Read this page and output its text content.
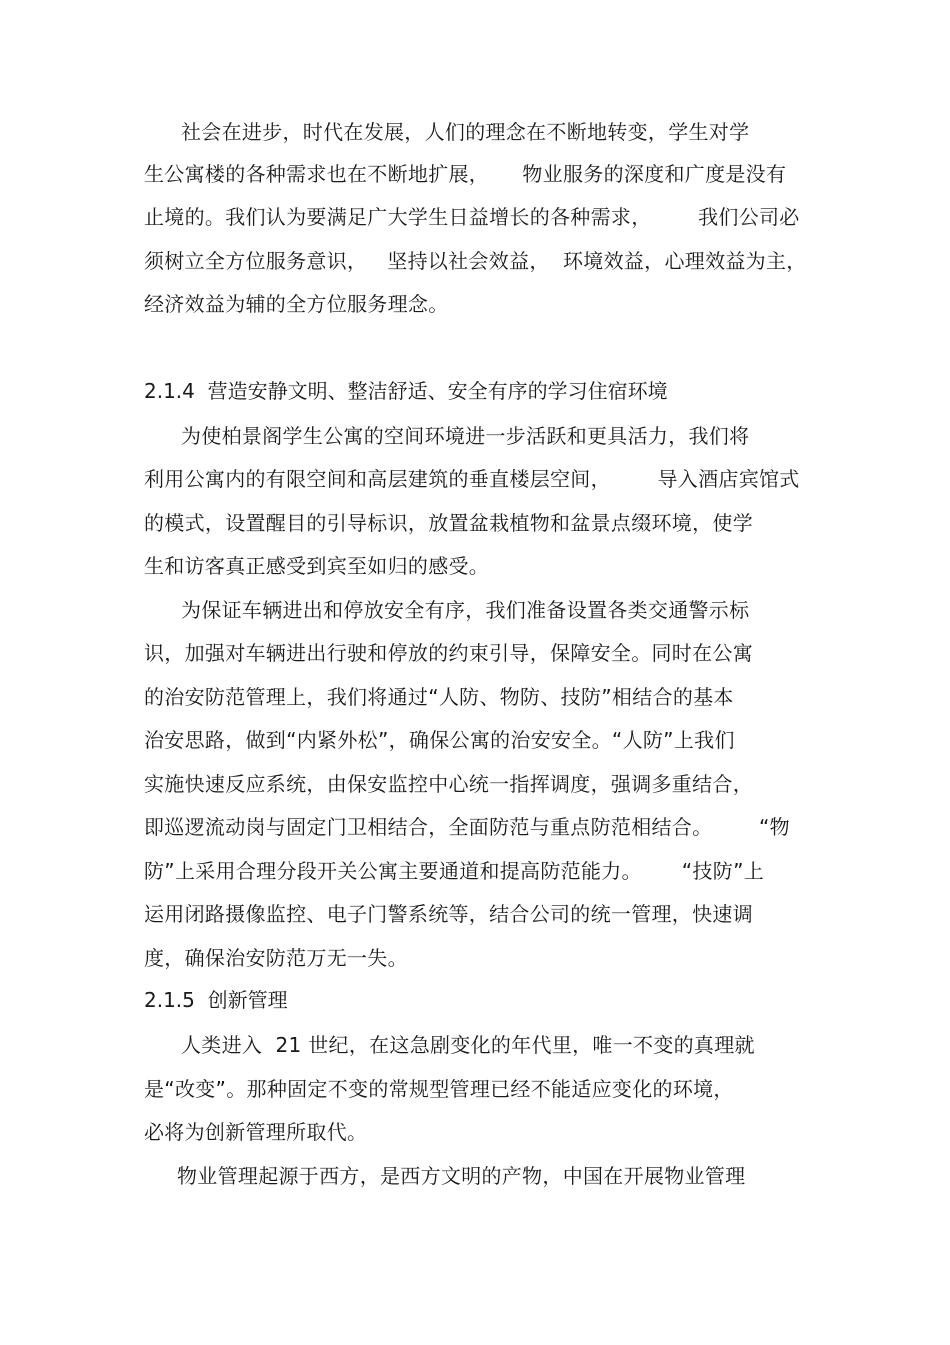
社会在进步，时代在发展，人们的理念在不断地转变，学生对学
生公寓楼的各种需求也在不断地扩展，     物业服务的深度和广度是没有
止境的。我们认为要满足广大学生日益增长的各种需求，       我们公司必
须树立全方位服务意识，   坚持以社会效益，  环境效益，心理效益为主，
经济效益为辅的全方位服务理念。
2.1.4  营造安静文明、整洁舒适、安全有序的学习住宿环境
为使柏景阁学生公寓的空间环境进一步活跃和更具活力，我们将
利用公寓内的有限空间和高层建筑的垂直楼层空间，       导入酒店宾馆式
的模式，设置醒目的引导标识，放置盆栽植物和盆景点缀环境，使学
生和访客真正感受到宾至如归的感受。
为保证车辆进出和停放安全有序，我们准备设置各类交通警示标
识，加强对车辆进出行驶和停放的约束引导，保障安全。同时在公寓
的治安防范管理上，我们将通过“人防、物防、技防”相结合的基本
治安思路，做到“内紧外松”，确保公寓的治安安全。“人防”上我们
实施快速反应系统，由保安监控中心统一指挥调度，强调多重结合，
即巡逻流动岗与固定门卫相结合，全面防范与重点防范相结合。       “物
防”上采用合理分段开关公寓主要通道和提高防范能力。      “技防”上
运用闭路摄像监控、电子门警系统等，结合公司的统一管理，快速调
度，确保治安防范万无一失。
2.1.5  创新管理
人类进入  21 世纪，在这急剧变化的年代里，唯一不变的真理就
是“改变”。那种固定不变的常规型管理已经不能适应变化的环境，
必将为创新管理所取代。
物业管理起源于西方，是西方文明的产物，中国在开展物业管理
